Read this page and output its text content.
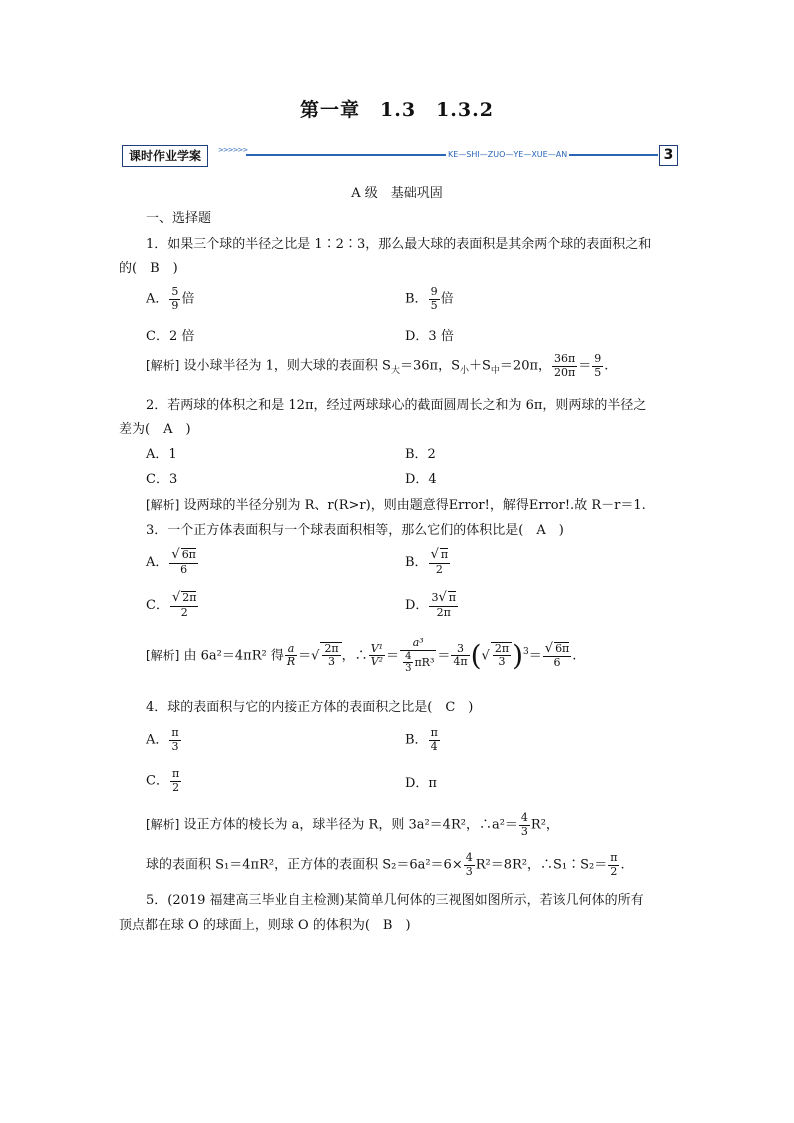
第一章　1.3　1.3.2
课时作业学案	>>>>>>	KE—SHI—ZUO—YE—XUE—AN	3
A 级　基础巩固
一、选择题
1．如果三个球的半径之比是 1∶2∶3，那么最大球的表面积是其余两个球的表面积之和
的(　B　)
A． $\frac{5}{9}$ 倍	B． $\frac{9}{5}$ 倍
C．2 倍	D．3 倍
[解析] 设小球半径为 1，则大球的表面积 $S_大=36\pi$，$S_小+S_中=20\pi$， $\frac{36\pi}{20\pi} = \frac{9}{5}$ .
2．若两球的体积之和是 12π，经过两球球心的截面圆周长之和为 6π，则两球的半径之
差为(　A　)
A．1	B．2
C．3	D．4
[解析] 设两球的半径分别为 R、r(R>r)，则由题意得Error!，解得Error!.故 R－r＝1.
3．一个正方体表面积与一个球表面积相等，那么它们的体积比是(　A　)
A． $\frac{√ 6\pi}{6}$	B． $\frac{√ \pi}{2}$
C． $\frac{√ 2\pi}{2}$	D． $\frac{3√ \pi}{2\pi}$
[解析] 由 6a²＝4πR² 得 $\frac{a}{R}$ ＝√ $\frac{2\pi}{3}$ ，∴ $\frac{\text{V¹}}{\text{V²}} = \frac{\text{a³}}{\frac{4}{3} \pi R^3} = \frac{3}{4\pi}$ (√ $\frac{2\pi}{3} )^3= \frac{√ 6\pi}{6}$ .
4．球的表面积与它的内接正方体的表面积之比是(　C　)
A． $\frac{\pi}{3}$	B． $\frac{\pi}{4}$
C． $\frac{\pi}{2}$	D．π
[解析] 设正方体的棱长为 a，球半径为 R，则 3a²＝4R²，∴a²＝ $\frac{4}{3} R^2$，
球的表面积 S₁＝4πR²，正方体的表面积 $S_2=6a^2=6\times \frac{4}{3} R^2=8R^2$，∴S₁∶S₂＝ $\frac{\pi}{2}$ .
5．(2019 福建高三毕业自主检测)某简单几何体的三视图如图所示，若该几何体的所有
顶点都在球 O 的球面上，则球 O 的体积为(　B　)
